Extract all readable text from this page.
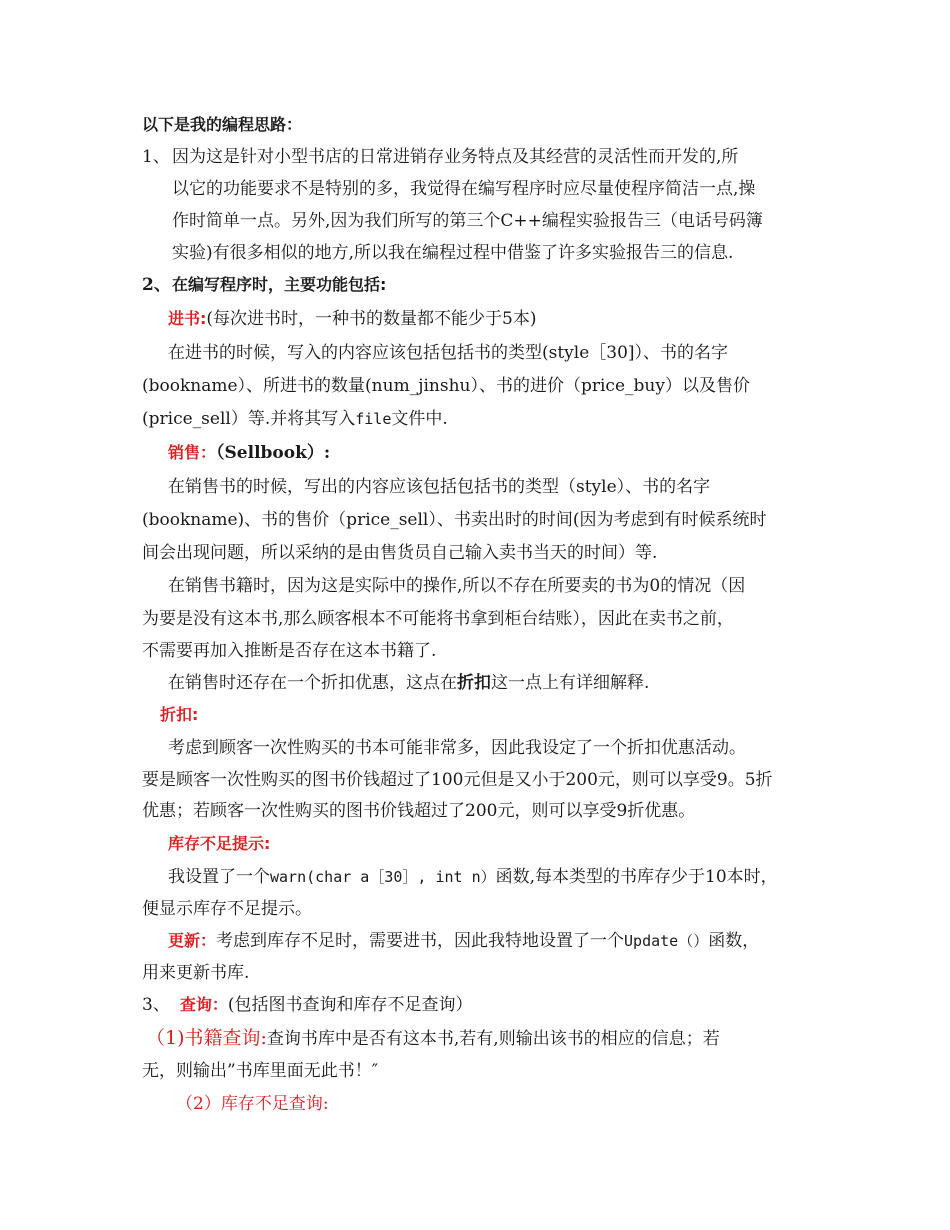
以下是我的编程思路：
1、 因为这是针对小型书店的日常进销存业务特点及其经营的灵活性而开发的,所
以它的功能要求不是特别的多，我觉得在编写程序时应尽量使程序简洁一点,操
作时简单一点。另外,因为我们所写的第三个C++编程实验报告三（电话号码簿
实验)有很多相似的地方,所以我在编程过程中借鉴了许多实验报告三的信息.
2、 在编写程序时，主要功能包括:
进书:(每次进书时，一种书的数量都不能少于5本)
在进书的时候，写入的内容应该包括包括书的类型(style［30]）、书的名字
(bookname）、所进书的数量(num_jinshu）、书的进价（price_buy）以及售价
(price_sell）等.并将其写入file文件中.
销售：（Sellbook）:
在销售书的时候，写出的内容应该包括包括书的类型（style）、书的名字
(bookname)、书的售价（price_sell）、书卖出时的时间(因为考虑到有时候系统时
间会出现问题，所以采纳的是由售货员自己输入卖书当天的时间）等.
在销售书籍时，因为这是实际中的操作,所以不存在所要卖的书为0的情况（因
为要是没有这本书,那么顾客根本不可能将书拿到柜台结账），因此在卖书之前，
不需要再加入推断是否存在这本书籍了.
在销售时还存在一个折扣优惠，这点在折扣这一点上有详细解释.
折扣:
考虑到顾客一次性购买的书本可能非常多，因此我设定了一个折扣优惠活动。
要是顾客一次性购买的图书价钱超过了100元但是又小于200元，则可以享受9。5折
优惠；若顾客一次性购买的图书价钱超过了200元，则可以享受9折优惠。
库存不足提示:
我设置了一个warn(char a［30］, int n）函数,每本类型的书库存少于10本时，
便显示库存不足提示。
更新：考虑到库存不足时，需要进书，因此我特地设置了一个Update（）函数，
用来更新书库.
3、 查询：(包括图书查询和库存不足查询）
（1)书籍查询:查询书库中是否有这本书,若有,则输出该书的相应的信息；若
无，则输出”书库里面无此书！″
（2）库存不足查询:
